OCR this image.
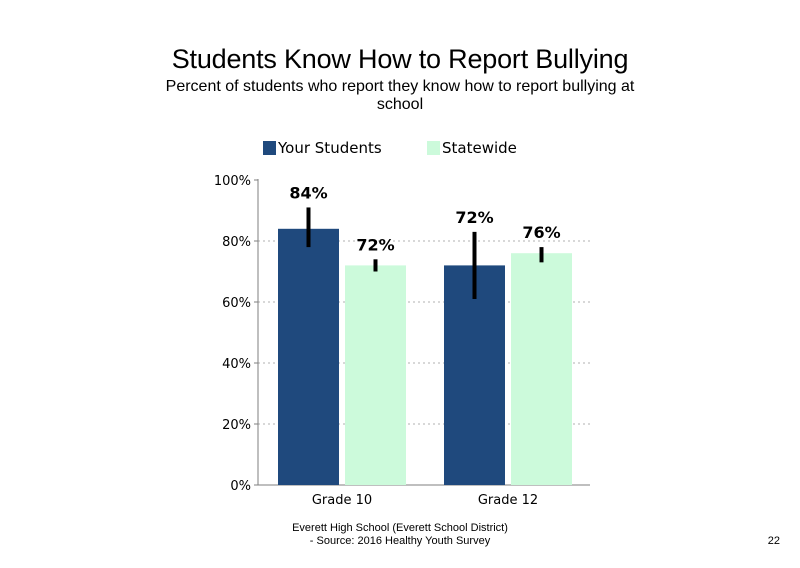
Students Know How to Report Bullying
Percent of students who report they know how to report bullying at school
Your Students	Statewide
0%
20%
40%
60%
80%
100%
84%
72%
Grade 10
72%
76%
Grade 12
Everett High School (Everett School District)
- Source: 2016 Healthy Youth Survey	22
